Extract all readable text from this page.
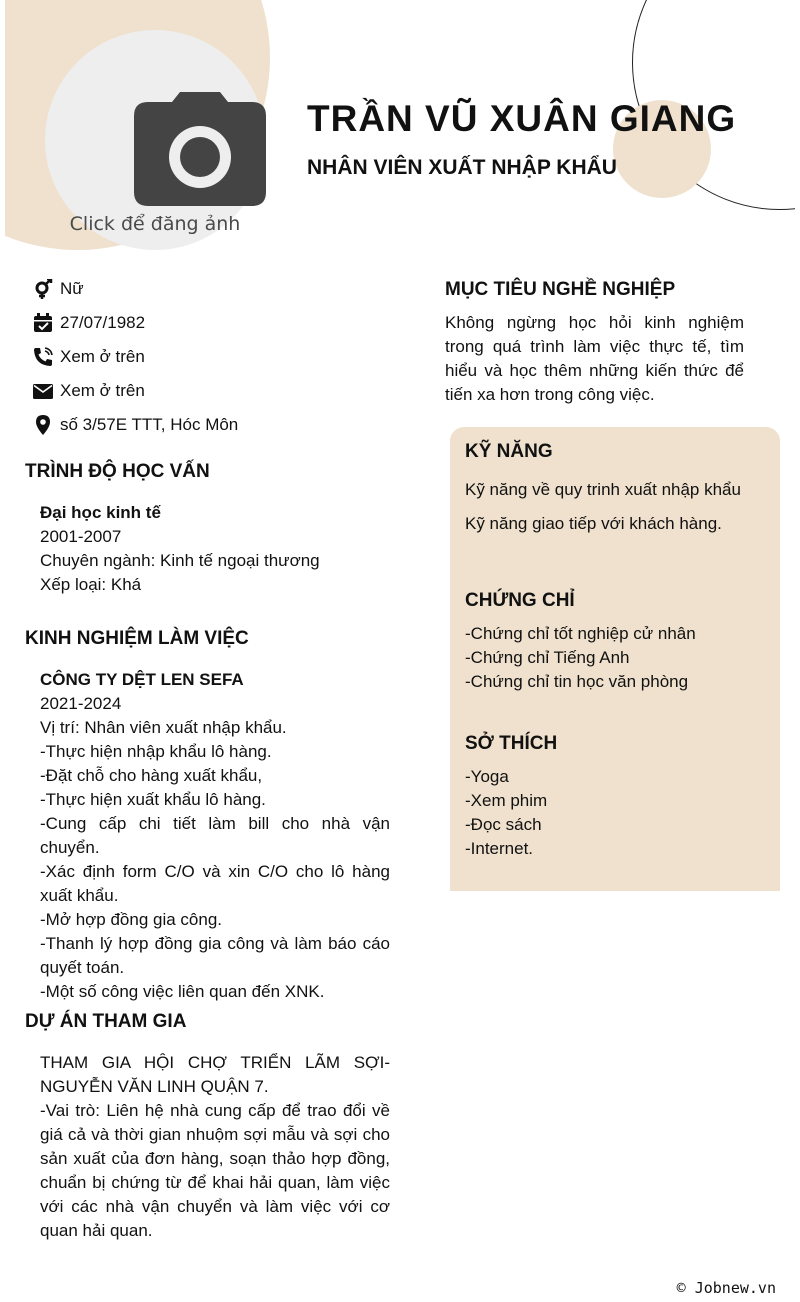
Click để đăng ảnh
TRẦN VŨ XUÂN GIANG
NHÂN VIÊN XUẤT NHẬP KHẨU
Nữ
27/07/1982
Xem ở trên
Xem ở trên
số 3/57E TTT, Hóc Môn
TRÌNH ĐỘ HỌC VẤN

Đại học kinh tế

2001-2007

Chuyên ngành: Kinh tế ngoại thương

Xếp loại: Khá

KINH NGHIỆM LÀM VIỆC

CÔNG TY DỆT LEN SEFA

2021-2024

Vị trí: Nhân viên xuất nhập khẩu.

-Thực hiện nhập khẩu lô hàng.

-Đặt chỗ cho hàng xuất khẩu,

-Thực hiện xuất khẩu lô hàng.

-Cung cấp chi tiết làm bill cho nhà vận chuyển.

-Xác định form C/O và xin C/O cho lô hàng xuất khẩu.

-Mở hợp đồng gia công.

-Thanh lý hợp đồng gia công và làm báo cáo quyết toán.

-Một số công việc liên quan đến XNK.

DỰ ÁN THAM GIA

THAM GIA HỘI CHỢ TRIỂN LÃM SỢI-NGUYỄN VĂN LINH QUẬN 7.

-Vai trò: Liên hệ nhà cung cấp để trao đổi về giá cả và thời gian nhuộm sợi mẫu và sợi cho sản xuất của đơn hàng, soạn thảo hợp đồng, chuẩn bị chứng từ để khai hải quan, làm việc với các nhà vận chuyển và làm việc với cơ quan hải quan.

MỤC TIÊU NGHỀ NGHIỆP

Không ngừng học hỏi kinh nghiệm trong quá trình làm việc thực tế, tìm hiểu và học thêm những kiến thức để tiến xa hơn trong công việc.

KỸ NĂNG

Kỹ năng về quy trinh xuất nhập khẩu

Kỹ năng giao tiếp với khách hàng.

CHỨNG CHỈ

-Chứng chỉ tốt nghiệp cử nhân

-Chứng chỉ Tiếng Anh

-Chứng chỉ tin học văn phòng

SỞ THÍCH

-Yoga

-Xem phim

-Đọc sách

-Internet.

© Jobnew.vn
